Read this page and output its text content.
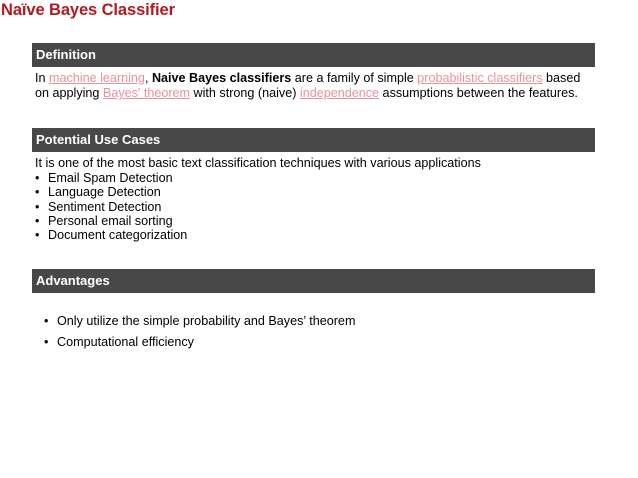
Naïve Bayes Classifier
Definition
In machine learning, Naive Bayes classifiers are a family of simple probabilistic classifiers based on applying Bayes' theorem with strong (naive) independence assumptions between the features.
Potential Use Cases
It is one of the most basic text classification techniques with various applications
• Email Spam Detection
• Language Detection
• Sentiment Detection
• Personal email sorting
• Document categorization
Advantages
• Only utilize the simple probability and Bayes’ theorem
• Computational efficiency
